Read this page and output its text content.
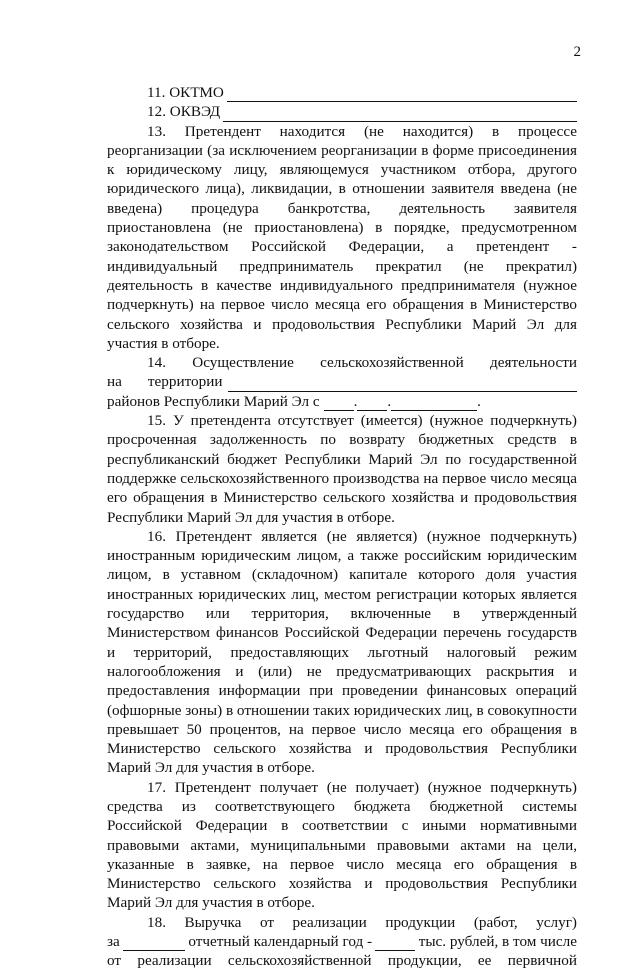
2
11. ОКТМО
12. ОКВЭД

13. Претендент находится (не находится) в процессе реорганизации (за исключением реорганизации в форме присоединения к юридическому лицу, являющемуся участником отбора, другого юридического лица), ликвидации, в отношении заявителя введена (не введена) процедура банкротства, деятельность заявителя приостановлена (не приостановлена) в порядке, предусмотренном законодательством Российской Федерации, а претендент - индивидуальный предприниматель прекратил (не прекратил) деятельность в качестве индивидуального предпринимателя (нужное подчеркнуть) на первое число месяца его обращения в Министерство сельского хозяйства и продовольствия Республики Марий Эл для участия в отборе.

14. Осуществление сельскохозяйственной деятельности

на территории
районов Республики Марий Эл с . .	.

15. У претендента отсутствует (имеется) (нужное подчеркнуть) просроченная задолженность по возврату бюджетных средств в республиканский бюджет Республики Марий Эл по государственной поддержке сельскохозяйственного производства на первое число месяца его обращения в Министерство сельского хозяйства и продовольствия Республики Марий Эл для участия в отборе.

16. Претендент является (не является) (нужное подчеркнуть) иностранным юридическим лицом, а также российским юридическим лицом, в уставном (складочном) капитале которого доля участия иностранных юридических лиц, местом регистрации которых является государство или территория, включенные в утвержденный Министерством финансов Российской Федерации перечень государств и территорий, предоставляющих льготный налоговый режим налогообложения и (или) не предусматривающих раскрытия и предоставления информации при проведении финансовых операций (офшорные зоны) в отношении таких юридических лиц, в совокупности превышает 50 процентов, на первое число месяца его обращения в Министерство сельского хозяйства и продовольствия Республики Марий Эл для участия в отборе.

17. Претендент получает (не получает) (нужное подчеркнуть) средства из соответствующего бюджета бюджетной системы Российской Федерации в соответствии с иными нормативными правовыми актами, муниципальными правовыми актами на цели, указанные в заявке, на первое число месяца его обращения в Министерство сельского хозяйства и продовольствия Республики Марий Эл для участия в отборе.

18. Выручка от реализации продукции (работ, услуг)

за	отчетный календарный год -	тыс. рублей, в том числе

от реализации сельскохозяйственной продукции, ее первичной
